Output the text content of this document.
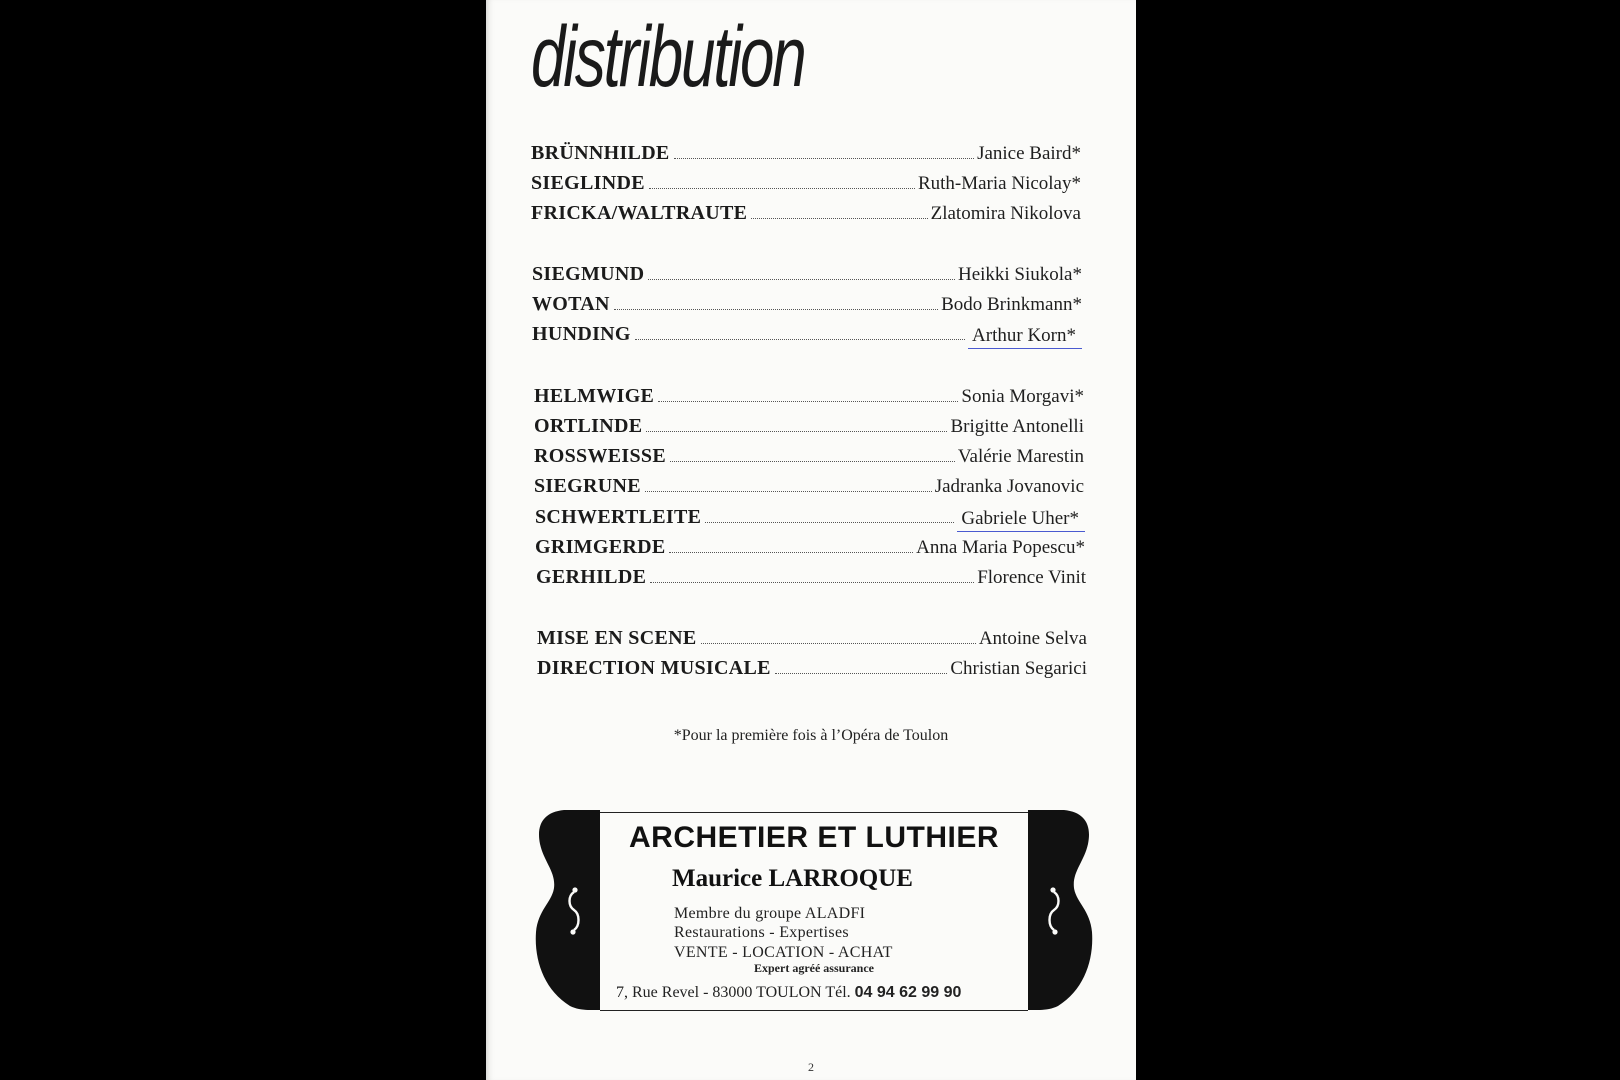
distribution
BRÜNNHILDE	Janice Baird*
SIEGLINDE	Ruth-Maria Nicolay*
FRICKA/WALTRAUTE	Zlatomira Nikolova
SIEGMUND	Heikki Siukola*
WOTAN	Bodo Brinkmann*
HUNDING	Arthur Korn*
HELMWIGE	Sonia Morgavi*
ORTLINDE	Brigitte Antonelli
ROSSWEISSE	Valérie Marestin
SIEGRUNE	Jadranka Jovanovic
SCHWERTLEITE	Gabriele Uher*
GRIMGERDE	Anna Maria Popescu*
GERHILDE	Florence Vinit
MISE EN SCENE	Antoine Selva
DIRECTION MUSICALE	Christian Segarici
*Pour la première fois à l’Opéra de Toulon
ARCHETIER ET LUTHIER
Maurice LARROQUE
Membre du groupe ALADFI
Restaurations - Expertises
VENTE - LOCATION - ACHAT
Expert agréé assurance
7, Rue Revel - 83000 TOULON Tél. 04 94 62 99 90
2
